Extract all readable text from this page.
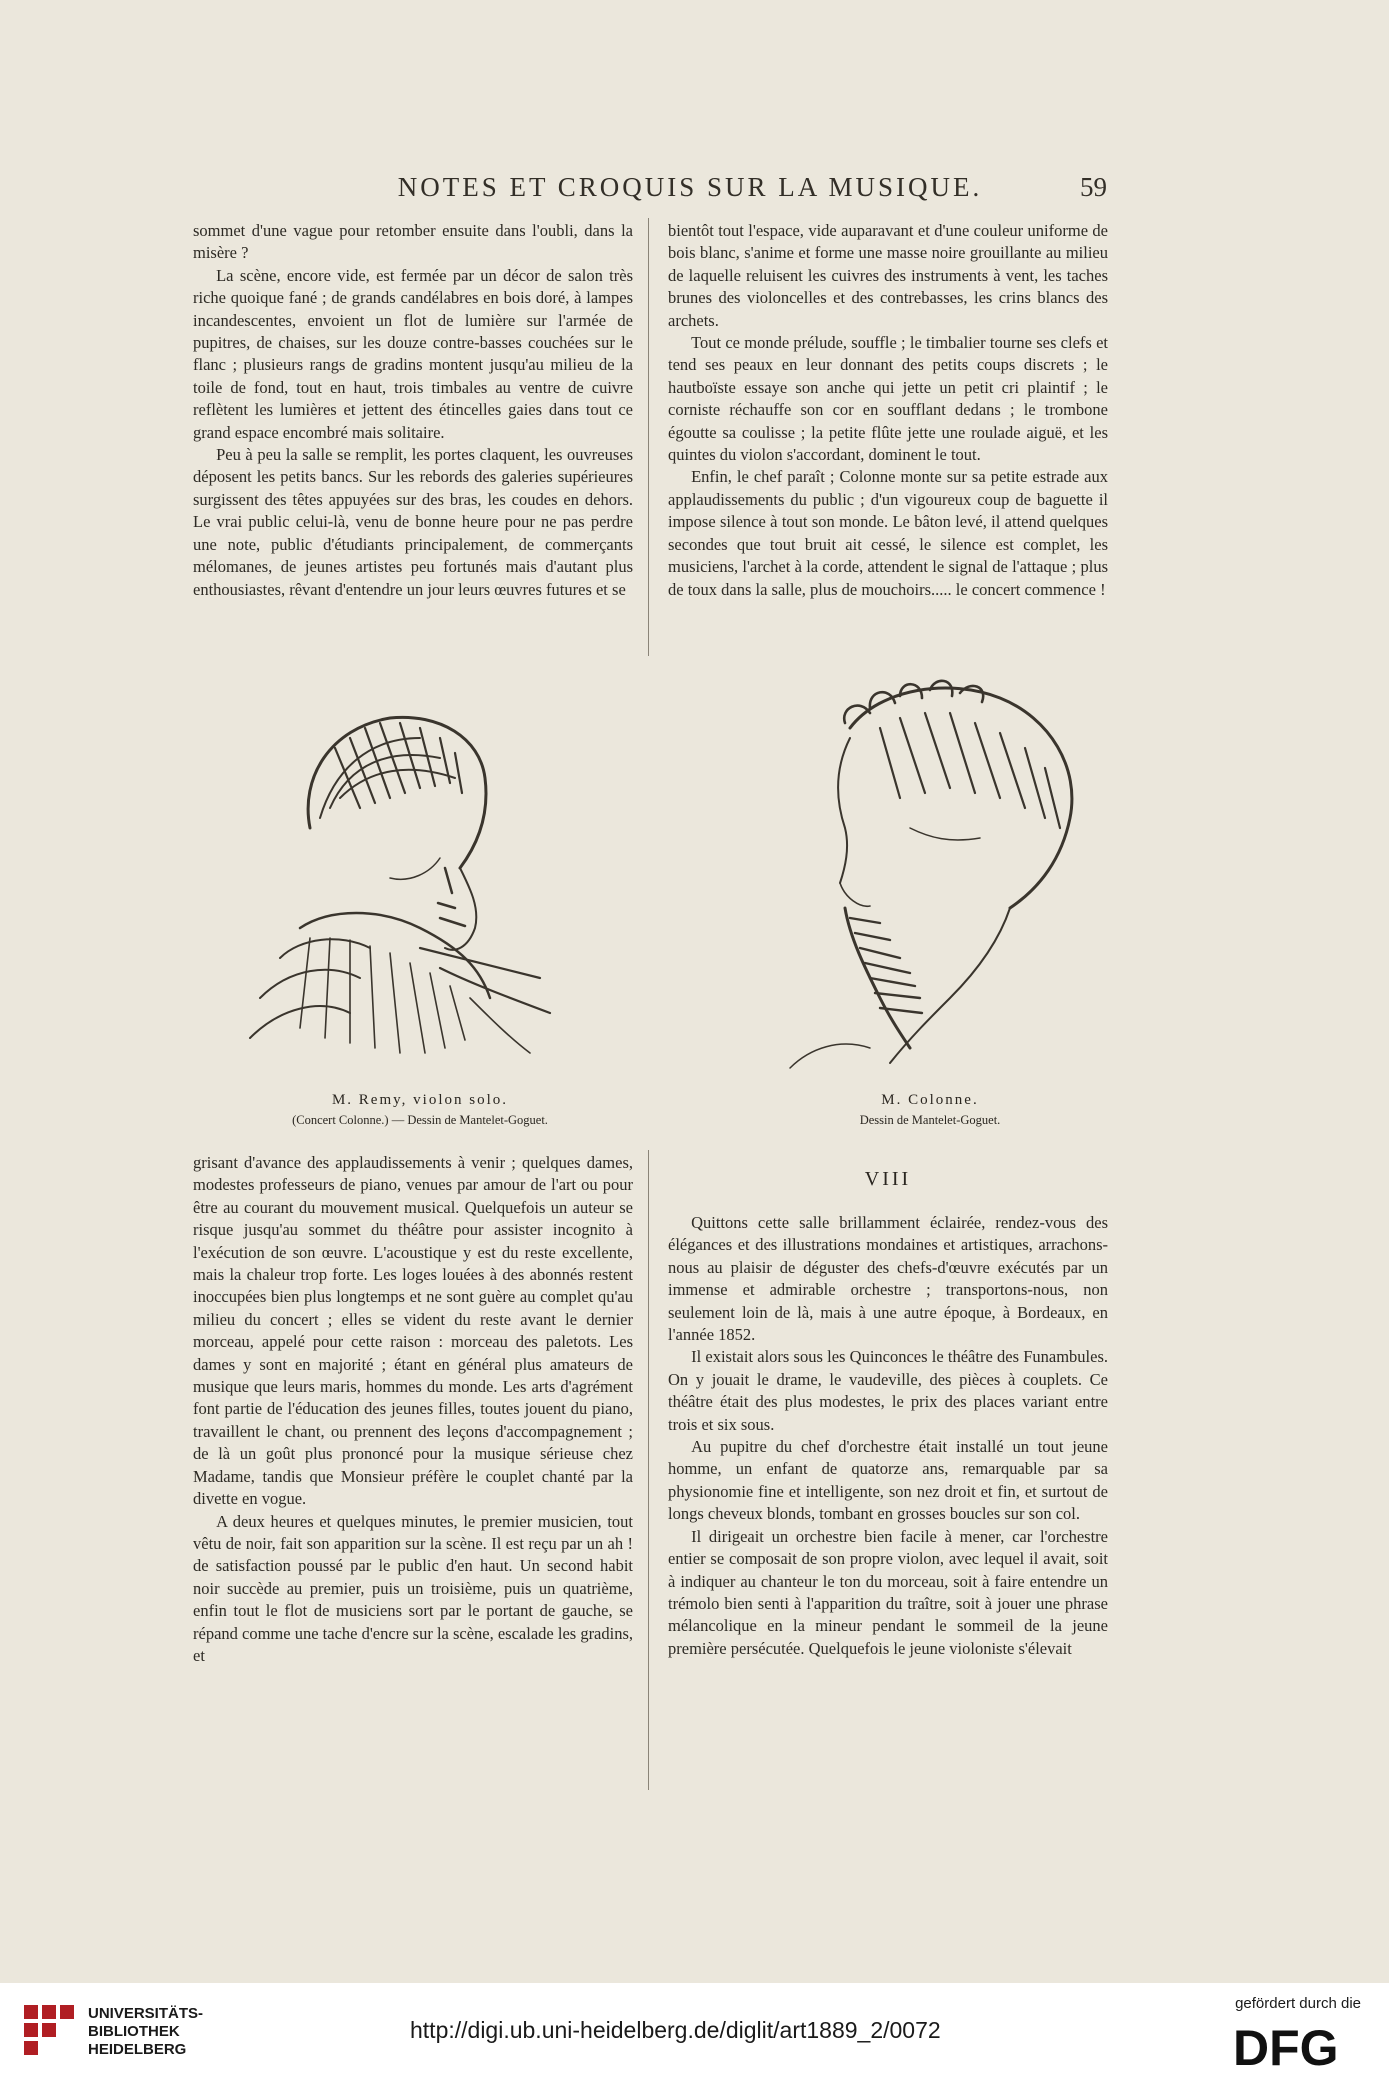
NOTES ET CROQUIS SUR LA MUSIQUE.	59

sommet d'une vague pour retomber ensuite dans l'oubli, dans la misère ?

La scène, encore vide, est fermée par un décor de salon très riche quoique fané ; de grands candélabres en bois doré, à lampes incandescentes, envoient un flot de lumière sur l'armée de pupitres, de chaises, sur les douze contre-basses couchées sur le flanc ; plusieurs rangs de gradins montent jusqu'au milieu de la toile de fond, tout en haut, trois timbales au ventre de cuivre reflètent les lumières et jettent des étincelles gaies dans tout ce grand espace encombré mais solitaire.

Peu à peu la salle se remplit, les portes claquent, les ouvreuses déposent les petits bancs. Sur les rebords des galeries supérieures surgissent des têtes appuyées sur des bras, les coudes en dehors. Le vrai public celui-là, venu de bonne heure pour ne pas perdre une note, public d'étudiants principalement, de commerçants mélomanes, de jeunes artistes peu fortunés mais d'autant plus enthousiastes, rêvant d'entendre un jour leurs œuvres futures et se

bientôt tout l'espace, vide auparavant et d'une couleur uniforme de bois blanc, s'anime et forme une masse noire grouillante au milieu de laquelle reluisent les cuivres des instruments à vent, les taches brunes des violoncelles et des contrebasses, les crins blancs des archets.

Tout ce monde prélude, souffle ; le timbalier tourne ses clefs et tend ses peaux en leur donnant des petits coups discrets ; le hautboïste essaye son anche qui jette un petit cri plaintif ; le corniste réchauffe son cor en soufflant dedans ; le trombone égoutte sa coulisse ; la petite flûte jette une roulade aiguë, et les quintes du violon s'accordant, dominent le tout.

Enfin, le chef paraît ; Colonne monte sur sa petite estrade aux applaudissements du public ; d'un vigoureux coup de baguette il impose silence à tout son monde. Le bâton levé, il attend quelques secondes que tout bruit ait cessé, le silence est complet, les musiciens, l'archet à la corde, attendent le signal de l'attaque ; plus de toux dans la salle, plus de mouchoirs..... le concert commence !

M. Remy, violon solo.
(Concert Colonne.) — Dessin de Mantelet-Goguet.
M. Colonne.
Dessin de Mantelet-Goguet.

grisant d'avance des applaudissements à venir ; quelques dames, modestes professeurs de piano, venues par amour de l'art ou pour être au courant du mouvement musical. Quelquefois un auteur se risque jusqu'au sommet du théâtre pour assister incognito à l'exécution de son œuvre. L'acoustique y est du reste excellente, mais la chaleur trop forte. Les loges louées à des abonnés restent inoccupées bien plus longtemps et ne sont guère au complet qu'au milieu du concert ; elles se vident du reste avant le dernier morceau, appelé pour cette raison : morceau des paletots. Les dames y sont en majorité ; étant en général plus amateurs de musique que leurs maris, hommes du monde. Les arts d'agrément font partie de l'éducation des jeunes filles, toutes jouent du piano, travaillent le chant, ou prennent des leçons d'accompagnement ; de là un goût plus prononcé pour la musique sérieuse chez Madame, tandis que Monsieur préfère le couplet chanté par la divette en vogue.

A deux heures et quelques minutes, le premier musicien, tout vêtu de noir, fait son apparition sur la scène. Il est reçu par un ah ! de satisfaction poussé par le public d'en haut. Un second habit noir succède au premier, puis un troisième, puis un quatrième, enfin tout le flot de musiciens sort par le portant de gauche, se répand comme une tache d'encre sur la scène, escalade les gradins, et

VIII

Quittons cette salle brillamment éclairée, rendez-vous des élégances et des illustrations mondaines et artistiques, arrachons-nous au plaisir de déguster des chefs-d'œuvre exécutés par un immense et admirable orchestre ; transportons-nous, non seulement loin de là, mais à une autre époque, à Bordeaux, en l'année 1852.

Il existait alors sous les Quinconces le théâtre des Funambules. On y jouait le drame, le vaudeville, des pièces à couplets. Ce théâtre était des plus modestes, le prix des places variant entre trois et six sous.

Au pupitre du chef d'orchestre était installé un tout jeune homme, un enfant de quatorze ans, remarquable par sa physionomie fine et intelligente, son nez droit et fin, et surtout de longs cheveux blonds, tombant en grosses boucles sur son col.

Il dirigeait un orchestre bien facile à mener, car l'orchestre entier se composait de son propre violon, avec lequel il avait, soit à indiquer au chanteur le ton du morceau, soit à faire entendre un trémolo bien senti à l'apparition du traître, soit à jouer une phrase mélancolique en la mineur pendant le sommeil de la jeune première persécutée. Quelquefois le jeune violoniste s'élevait

UNIVERSITÄTS-
BIBLIOTHEK
HEIDELBERG
http://digi.ub.uni-heidelberg.de/diglit/art1889_2/0072
gefördert durch die
DFG
